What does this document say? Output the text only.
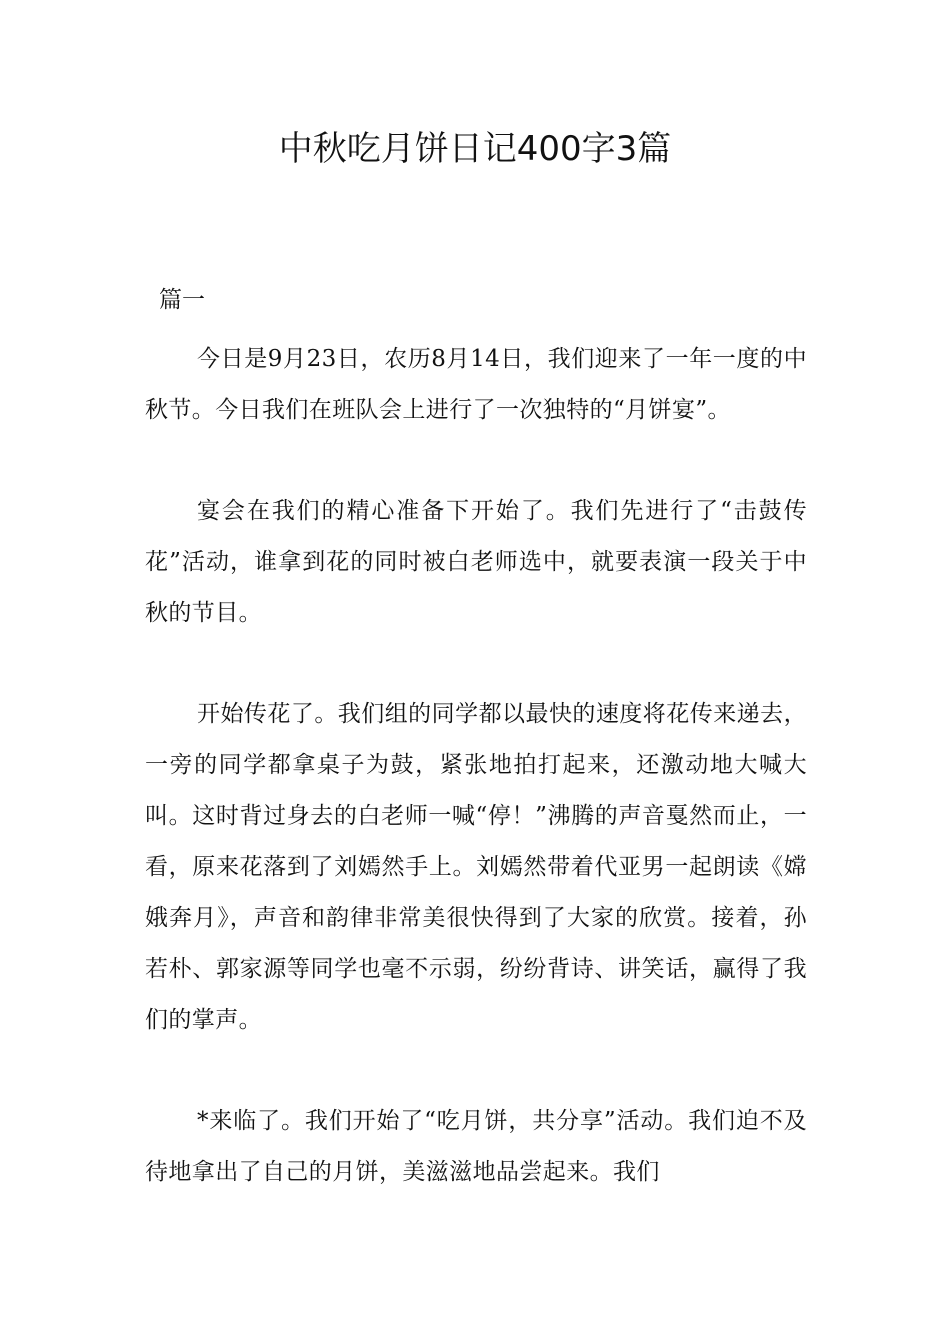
中秋吃月饼日记400字3篇

篇一

今日是9月23日，农历8月14日，我们迎来了一年一度的中秋节。今日我们在班队会上进行了一次独特的“月饼宴”。

宴会在我们的精心准备下开始了。我们先进行了“击鼓传花”活动，谁拿到花的同时被白老师选中，就要表演一段关于中秋的节目。

开始传花了。我们组的同学都以最快的速度将花传来递去，一旁的同学都拿桌子为鼓，紧张地拍打起来，还激动地大喊大叫。这时背过身去的白老师一喊“停！”沸腾的声音戛然而止，一看，原来花落到了刘嫣然手上。刘嫣然带着代亚男一起朗读《嫦娥奔月》，声音和韵律非常美很快得到了大家的欣赏。接着，孙若朴、郭家源等同学也毫不示弱，纷纷背诗、讲笑话，赢得了我们的掌声。

*来临了。我们开始了“吃月饼，共分享”活动。我们迫不及待地拿出了自己的月饼，美滋滋地品尝起来。我们
